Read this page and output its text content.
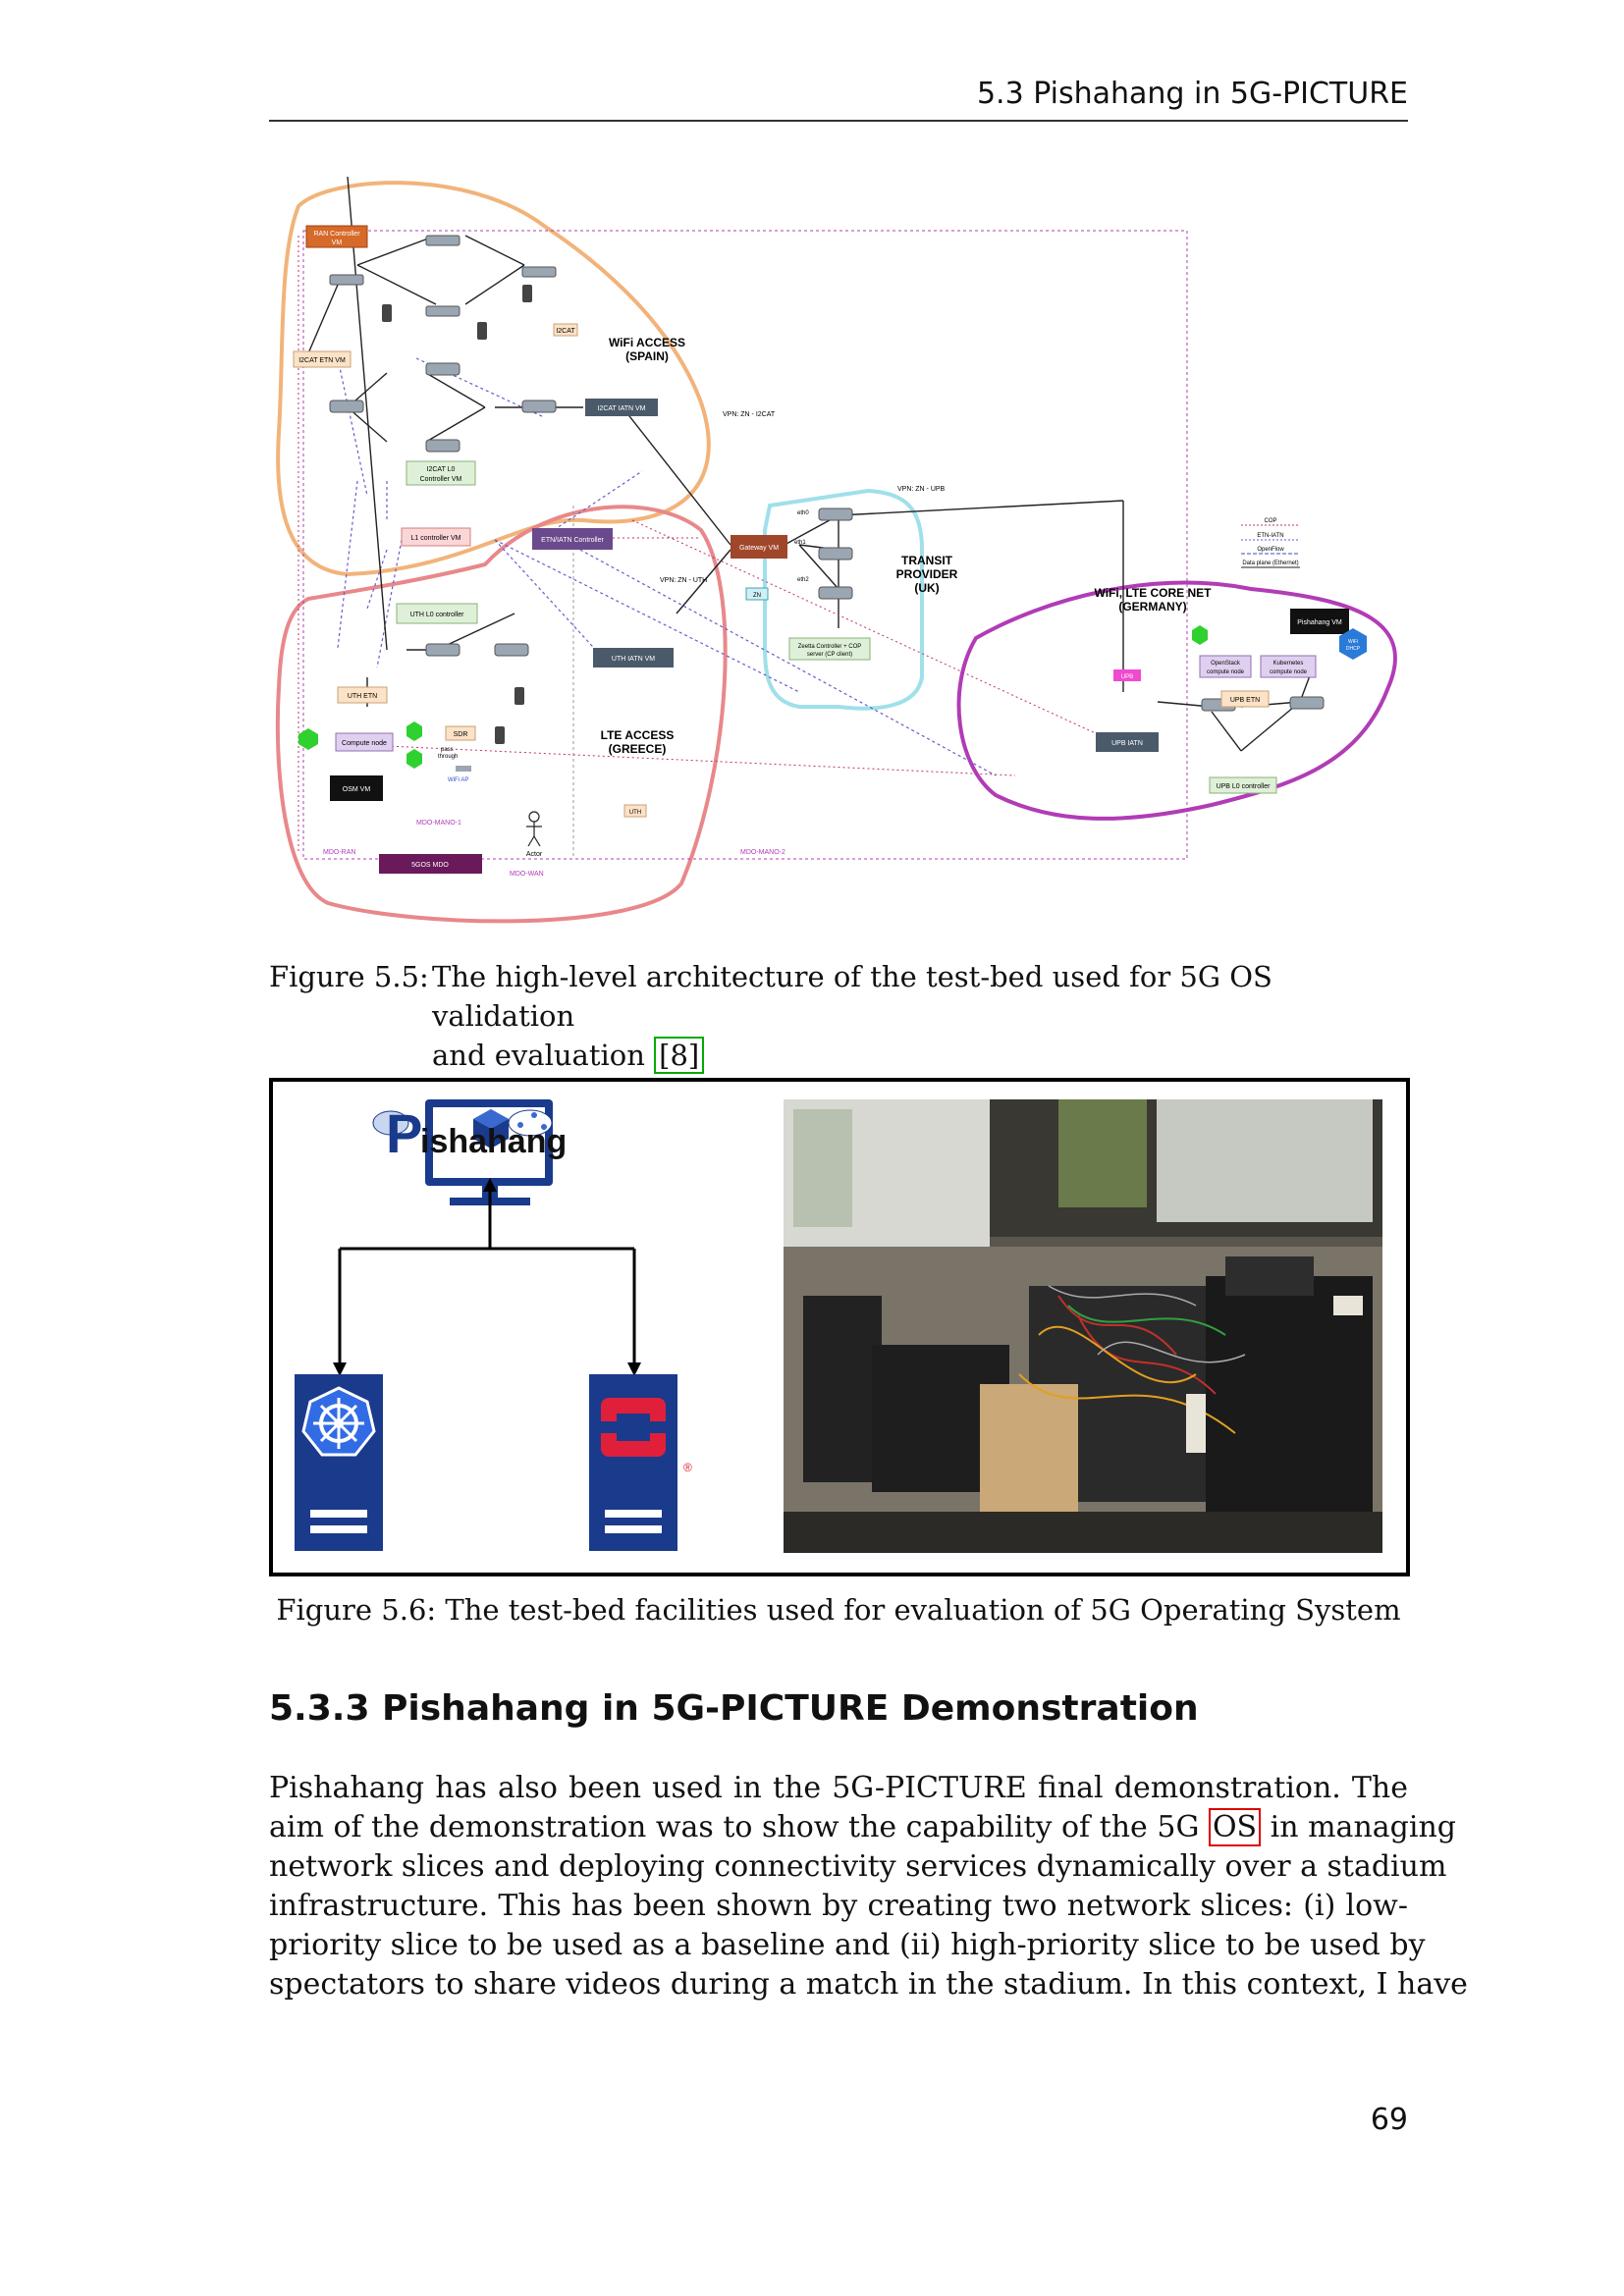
5.3 Pishahang in 5G-PICTURE
RAN Controller
VM
I2CAT ETN VM
I2CAT
I2CAT L0
Controller VM
I2CAT IATN VM
WiFi ACCESS
(SPAIN)
L1 controller VM	ETN/IATN Controller
VPN: ZN - I2CAT
VPN: ZN - UTH
VPN: ZN - UPB
UTH L0 controller
UTH IATN VM
UTH ETN
Compute node
SDR
pass
through
WiFi AP
OSM VM
MDO-MANO-1
UTH
LTE ACCESS
(GREECE)
MDO-RAN
5GOS MDO
MDO-WAN
Actor	MDO-MANO-2
Gateway VM
eth0
eth1
eth2
ZN
Zeetta Controller + COP
server (CP client)
TRANSIT
PROVIDER
(UK)	WiFi, LTE CORE NET
(GERMANY)
Pishahang VM
WiFi
DHCP
OpenStack
compute node
Kubernetes
compute node
UPB
UPB ETN
UPB IATN
UPB L0 controller
COP
ETN-IATN
OpenFlow
Data plane (Ethernet)
Figure 5.5: The high-level architecture of the test-bed used for 5G OS validation
and evaluation [8]
P
ishahang
®
Figure 5.6: The test-bed facilities used for evaluation of 5G Operating System
5.3.3 Pishahang in 5G-PICTURE Demonstration
Pishahang has also been used in the 5G-PICTURE final demonstration. The
aim of the demonstration was to show the capability of the 5G OS in managing
network slices and deploying connectivity services dynamically over a stadium
infrastructure. This has been shown by creating two network slices: (i) low-
priority slice to be used as a baseline and (ii) high-priority slice to be used by
spectators to share videos during a match in the stadium. In this context, I have
69
